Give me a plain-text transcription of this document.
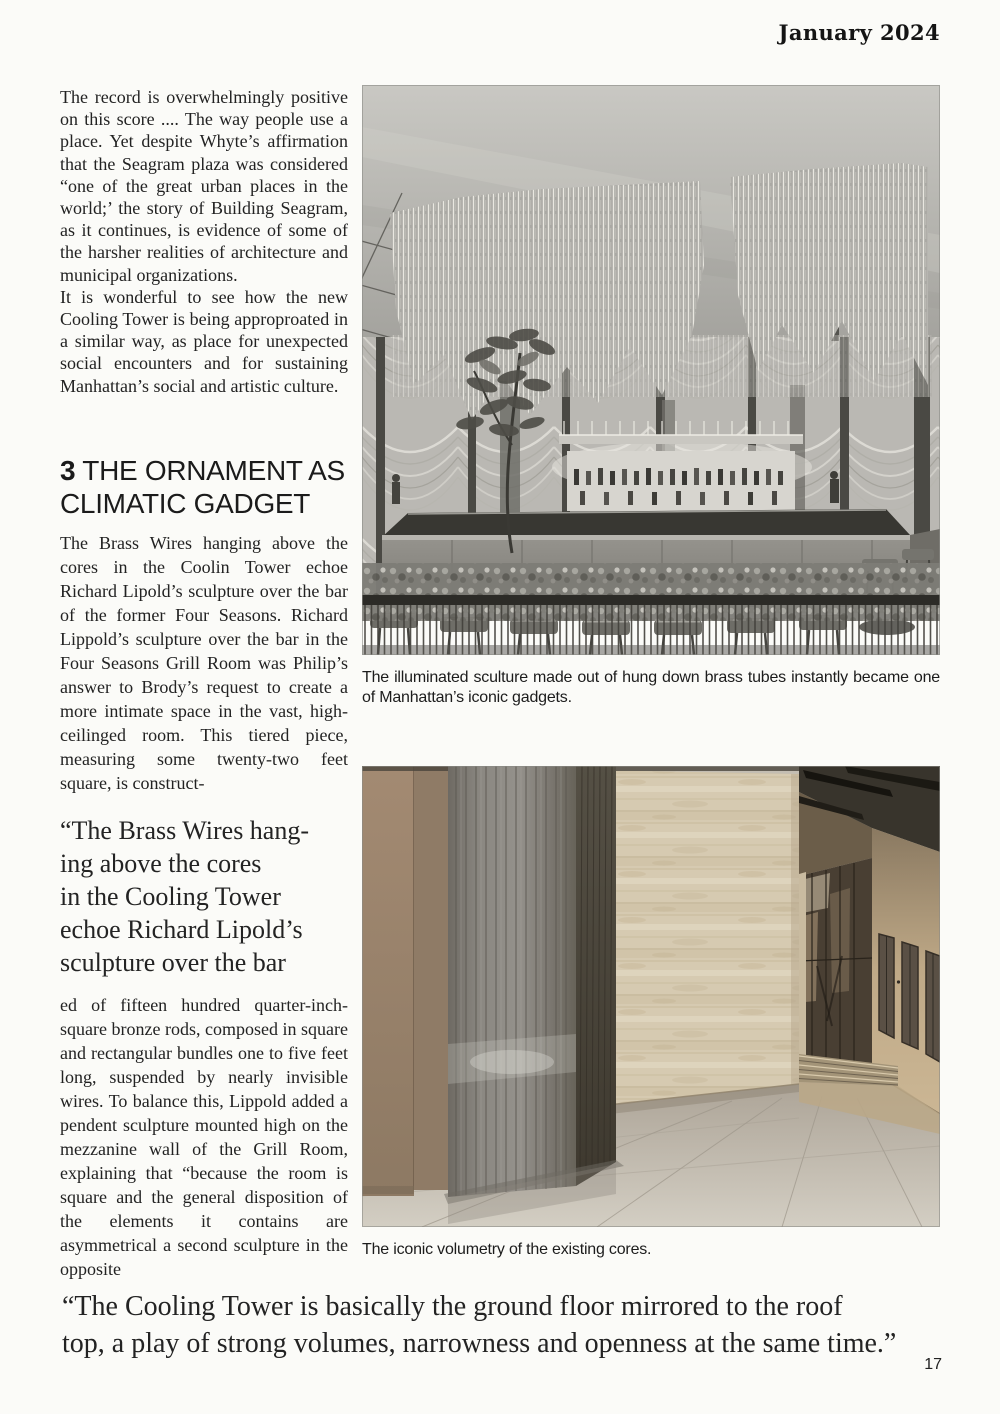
January 2024

The record is overwhelmingly positive on this score .... The way people use a place. Yet despite Whyte’s affirmation that the Seagram plaza was considered “one of the great urban places in the world;’ the story of Building Seagram, as it continues, is evidence of some of the harsher realities of architecture and municipal organizations.

It is wonderful to see how the new Cooling Tower is being approproated in a similar way, as place for unexpected social encounters and for sustaining Manhattan’s social and artistic culture.

3 THE ORNAMENT AS CLIMATIC GADGET

The Brass Wires hanging above the cores in the Coolin Tower echoe Richard Lipold’s sculpture over the bar of the former Four Seasons. Richard Lippold’s sculpture over the bar in the Four Seasons Grill Room was Philip’s answer to Brody’s request to create a more intimate space in the vast, high-ceilinged room. This tiered piece, measuring some twenty-two feet square, is construct-

“The Brass Wires hang-
ing above the cores
in the Cooling Tower
echoe Richard Lipold’s
sculpture over the bar

ed of fifteen hundred quarter-inch-square bronze rods, composed in square and rectangular bundles one to five feet long, suspended by nearly invisible wires. To balance this, Lippold added a pendent sculpture mounted high on the mezzanine wall of the Grill Room, explaining that “because the room is square and the general disposition of the elements it contains are asymmetrical a second sculpture in the opposite

The illuminated sculture made out of hung down brass tubes instantly became one of Manhattan’s iconic gadgets.
The iconic volumetry of the existing cores.
“The Cooling Tower is basically the ground floor mirrored to the roof
top, a play of strong volumes, narrowness and openness at the same time.”
17
